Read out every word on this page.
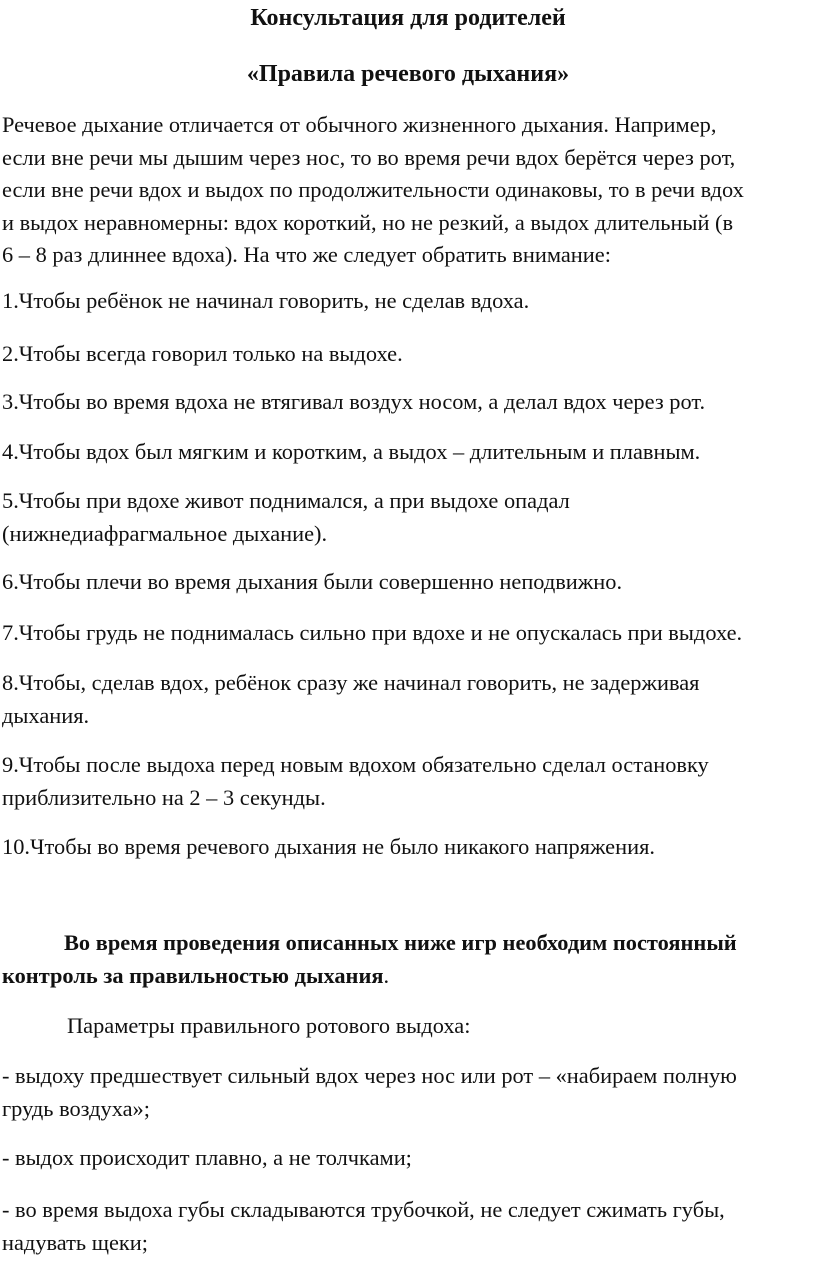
Консультация для родителей
«Правила речевого дыхания»
Речевое дыхание отличается от обычного жизненного дыхания. Например,
если вне речи мы дышим через нос, то во время речи вдох берётся через рот,
если вне речи вдох и выдох по продолжительности одинаковы, то в речи вдох
и выдох неравномерны: вдох короткий, но не резкий, а выдох длительный (в
6 – 8 раз длиннее вдоха). На что же следует обратить внимание:
1.Чтобы ребёнок не начинал говорить, не сделав вдоха.
2.Чтобы всегда говорил только на выдохе.
3.Чтобы во время вдоха не втягивал воздух носом, а делал вдох через рот.
4.Чтобы вдох был мягким и коротким, а выдох – длительным и плавным.
5.Чтобы при вдохе живот поднимался, а при выдохе опадал
(нижнедиафрагмальное дыхание).
6.Чтобы плечи во время дыхания были совершенно неподвижно.
7.Чтобы грудь не поднималась сильно при вдохе и не опускалась при выдохе.
8.Чтобы, сделав вдох, ребёнок сразу же начинал говорить, не задерживая
дыхания.
9.Чтобы после выдоха перед новым вдохом обязательно сделал остановку
приблизительно на 2 – 3 секунды.
10.Чтобы во время речевого дыхания не было никакого напряжения.
Во время проведения описанных ниже игр необходим постоянный
контроль за правильностью дыхания.
Параметры правильного ротового выдоха:
- выдоху предшествует сильный вдох через нос или рот – «набираем полную
грудь воздуха»;
- выдох происходит плавно, а не толчками;
- во время выдоха губы складываются трубочкой, не следует сжимать губы,
надувать щеки;
